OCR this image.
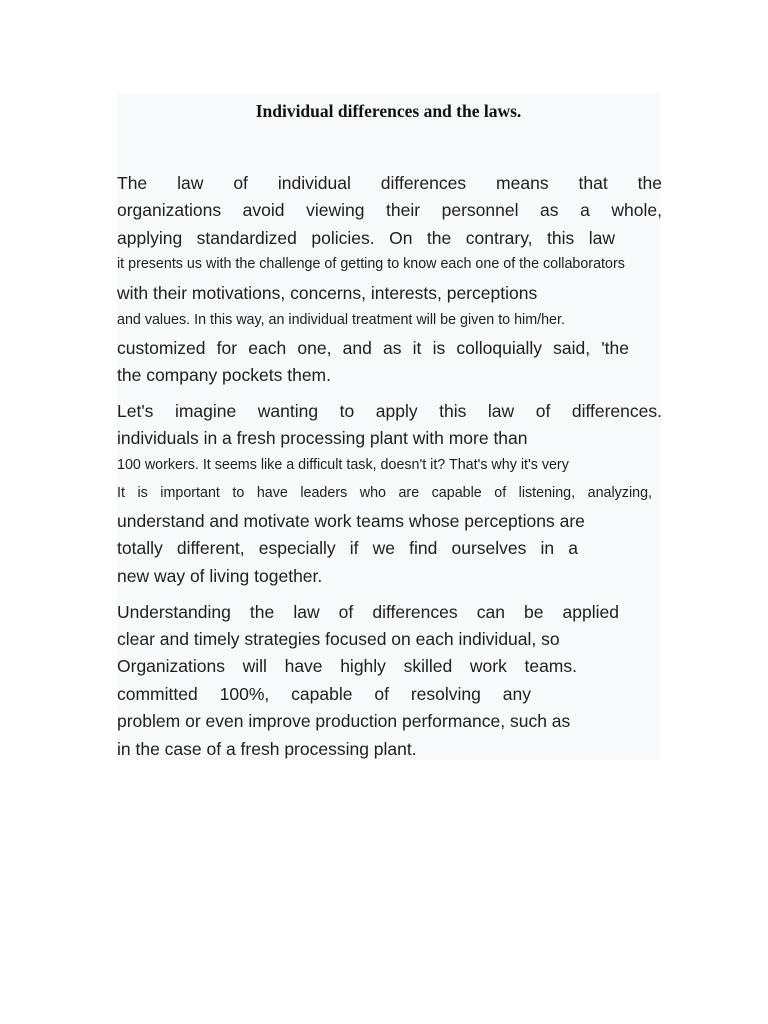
Individual differences and the laws.

The law of individual differences means that the

organizations avoid viewing their personnel as a whole,

applying standardized policies. On the contrary, this law

it presents us with the challenge of getting to know each one of the collaborators

with their motivations, concerns, interests, perceptions

and values. In this way, an individual treatment will be given to him/her.

customized for each one, and as it is colloquially said, 'the

the company pockets them.

Let's imagine wanting to apply this law of differences.

individuals in a fresh processing plant with more than

100 workers. It seems like a difficult task, doesn't it? That's why it's very

It is important to have leaders who are capable of listening, analyzing,

understand and motivate work teams whose perceptions are

totally different, especially if we find ourselves in a

new way of living together.

Understanding the law of differences can be applied

clear and timely strategies focused on each individual, so

Organizations will have highly skilled work teams.

committed 100%, capable of resolving any

problem or even improve production performance, such as

in the case of a fresh processing plant.
